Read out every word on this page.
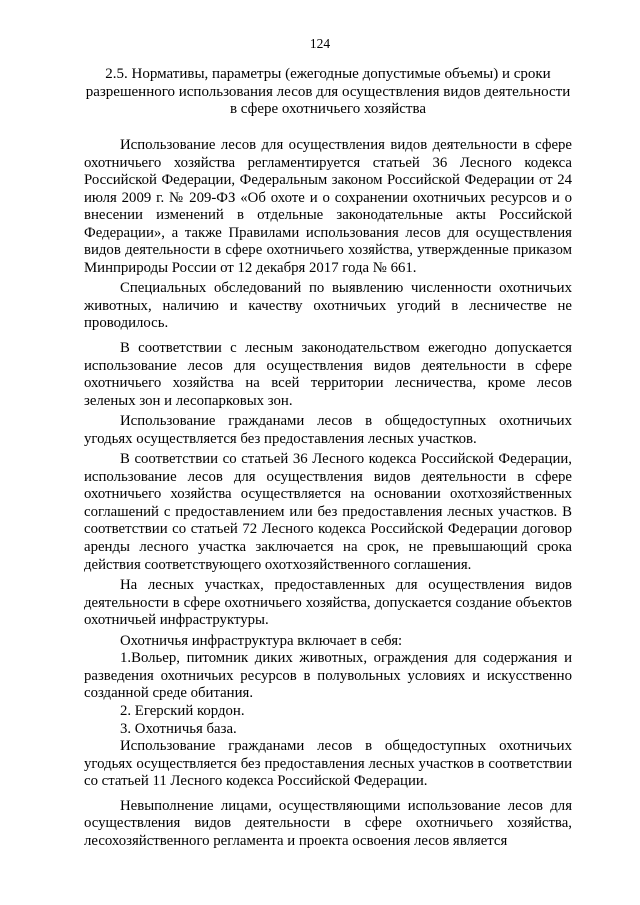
124
2.5. Нормативы, параметры (ежегодные допустимые объемы) и сроки
разрешенного использования лесов для осуществления видов деятельности
в сфере охотничьего хозяйства

Использование лесов для осуществления видов деятельности в сфере охотничьего хозяйства регламентируется статьей 36 Лесного кодекса Российской Федерации, Федеральным законом Российской Федерации от 24 июля 2009 г. № 209-ФЗ «Об охоте и о сохранении охотничьих ресурсов и о внесении изменений в отдельные законодательные акты Российской Федерации», а также Правилами использования лесов для осуществления видов деятельности в сфере охотничьего хозяйства, утвержденные приказом Минприроды России от 12 декабря 2017 года № 661.

Специальных обследований по выявлению численности охотничьих животных, наличию и качеству охотничьих угодий в лесничестве не проводилось.

В соответствии с лесным законодательством ежегодно допускается использование лесов для осуществления видов деятельности в сфере охотничьего хозяйства на всей территории лесничества, кроме лесов зеленых зон и лесопарковых зон.

Использование гражданами лесов в общедоступных охотничьих угодьях осуществляется без предоставления лесных участков.

В соответствии со статьей 36 Лесного кодекса Российской Федерации, использование лесов для осуществления видов деятельности в сфере охотничьего хозяйства осуществляется на основании охотхозяйственных соглашений с предоставлением или без предоставления лесных участков. В соответствии со статьей 72 Лесного кодекса Российской Федерации договор аренды лесного участка заключается на срок, не превышающий срока действия соответствующего охотхозяйственного соглашения.

На лесных участках, предоставленных для осуществления видов деятельности в сфере охотничьего хозяйства, допускается создание объектов охотничьей инфраструктуры.

Охотничья инфраструктура включает в себя:

1.Вольер, питомник диких животных, ограждения для содержания и разведения охотничьих ресурсов в полувольных условиях и искусственно созданной среде обитания.

2. Егерский кордон.

3. Охотничья база.

Использование гражданами лесов в общедоступных охотничьих угодьях осуществляется без предоставления лесных участков в соответствии со статьей 11 Лесного кодекса Российской Федерации.

Невыполнение лицами, осуществляющими использование лесов для осуществления видов деятельности в сфере охотничьего хозяйства, лесохозяйственного регламента и проекта освоения лесов является
